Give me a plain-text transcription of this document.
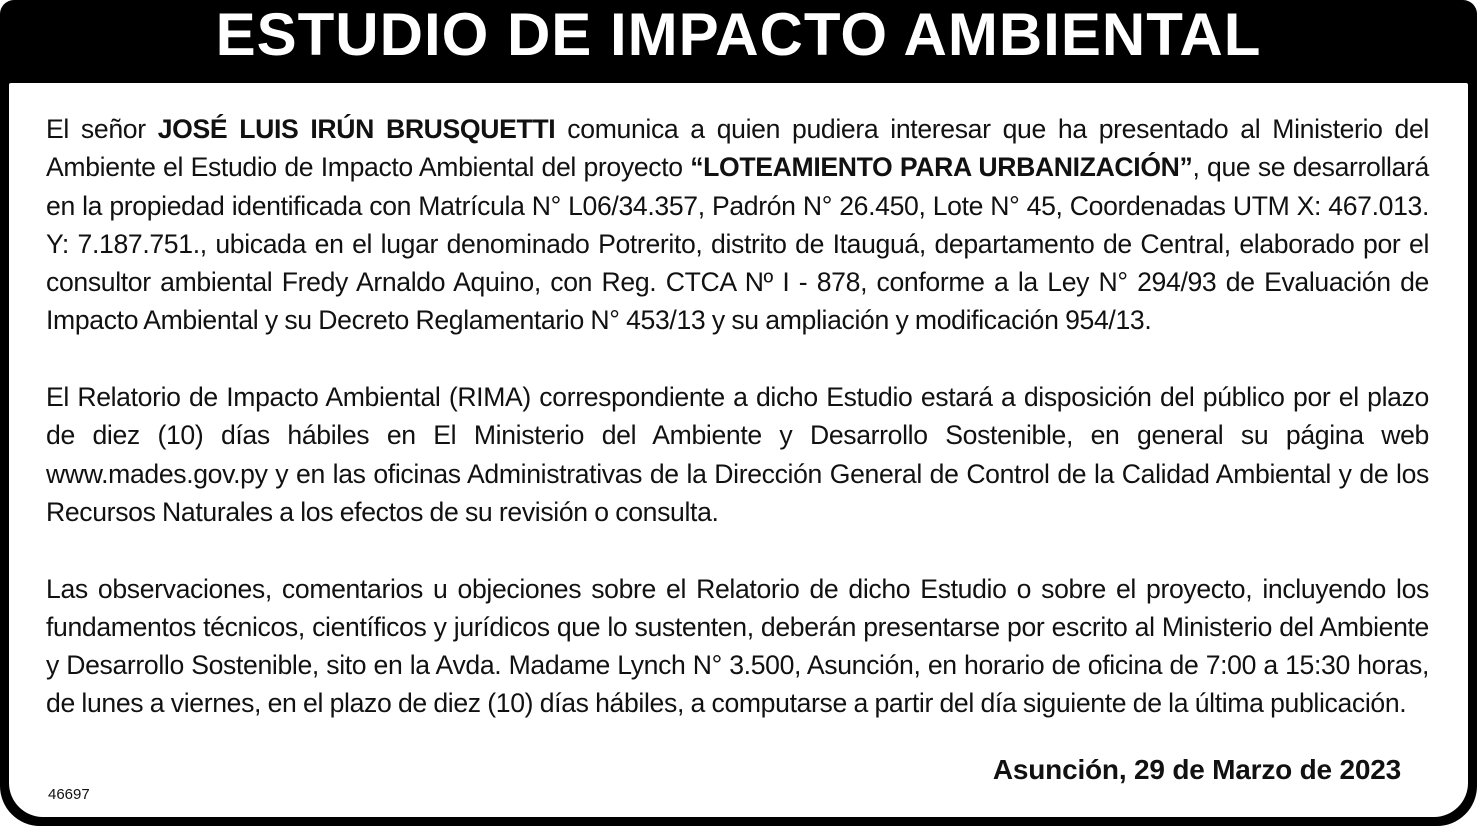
ESTUDIO DE IMPACTO AMBIENTAL

El señor JOSÉ LUIS IRÚN BRUSQUETTI comunica a quien pudiera interesar que ha presentado al Ministerio del Ambiente el Estudio de Impacto Ambiental del proyecto “LOTEAMIENTO PARA URBANIZACIÓN”, que se desarrollará en la propiedad identificada con Matrícula N° L06/34.357, Padrón N° 26.450, Lote N° 45, Coordenadas UTM X: 467.013. Y: 7.187.751., ubicada en el lugar denominado Potrerito, distrito de Itauguá, departamento de Central, elaborado por el consultor ambiental Fredy Arnaldo Aquino, con Reg. CTCA Nº I - 878, conforme a la Ley N° 294/93 de Evaluación de Impacto Ambiental y su Decreto Reglamentario N° 453/13 y su ampliación y modificación 954/13.

El Relatorio de Impacto Ambiental (RIMA) correspondiente a dicho Estudio estará a disposición del público por el plazo de diez (10) días hábiles en El Ministerio del Ambiente y Desarrollo Sostenible, en general su página web www.mades.gov.py y en las oficinas Administrativas de la Dirección General de Control de la Calidad Ambiental y de los Recursos Naturales a los efectos de su revisión o consulta.

Las observaciones, comentarios u objeciones sobre el Relatorio de dicho Estudio o sobre el proyecto, incluyendo los fundamentos técnicos, científicos y jurídicos que lo sustenten, deberán presentarse por escrito al Ministerio del Ambiente y Desarrollo Sostenible, sito en la Avda. Madame Lynch N° 3.500, Asunción, en horario de oficina de 7:00 a 15:30 horas, de lunes a viernes, en el plazo de diez (10) días hábiles, a computarse a partir del día siguiente de la última publicación.

Asunción, 29 de Marzo de 2023
46697
